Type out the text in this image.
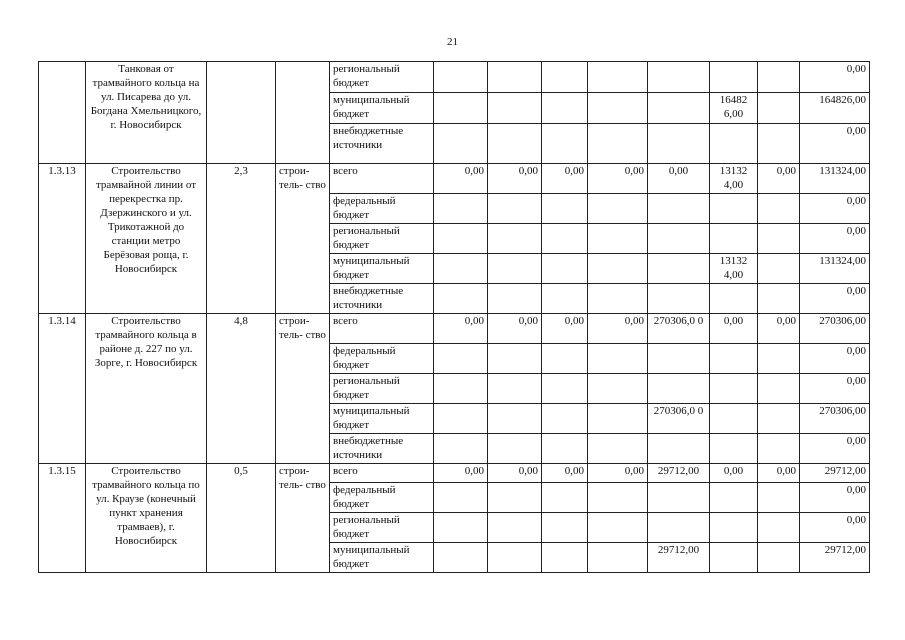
21
	Танковая от трамвайного кольца на ул. Писарева до ул. Богдана Хмельницкого, г. Новосибирск			региональный бюджет								0,00
				муниципальный бюджет						16482 6,00		164826,00
				внебюджетные источники								0,00
1.3.13	Строительство трамвайной линии от перекрестка пр. Дзержинского и ул. Трикотажной до станции метро Берёзовая роща, г. Новосибирск	2,3	строи- тель- ство	всего	0,00	0,00	0,00	0,00	0,00	13132 4,00	0,00	131324,00
				федеральный бюджет								0,00
				региональный бюджет								0,00
				муниципальный бюджет						13132 4,00		131324,00
				внебюджетные источники								0,00
1.3.14	Строительство трамвайного кольца в районе д. 227 по ул. Зорге, г. Новосибирск	4,8	строи- тель- ство	всего	0,00	0,00	0,00	0,00	270306,0 0	0,00	0,00	270306,00
				федеральный бюджет								0,00
				региональный бюджет								0,00
				муниципальный бюджет					270306,0 0			270306,00
				внебюджетные источники								0,00
1.3.15	Строительство трамвайного кольца по ул. Краузе (конечный пункт хранения трамваев), г. Новосибирск	0,5	строи- тель- ство	всего	0,00	0,00	0,00	0,00	29712,00	0,00	0,00	29712,00
				федеральный бюджет								0,00
				региональный бюджет								0,00
				муниципальный бюджет					29712,00			29712,00
